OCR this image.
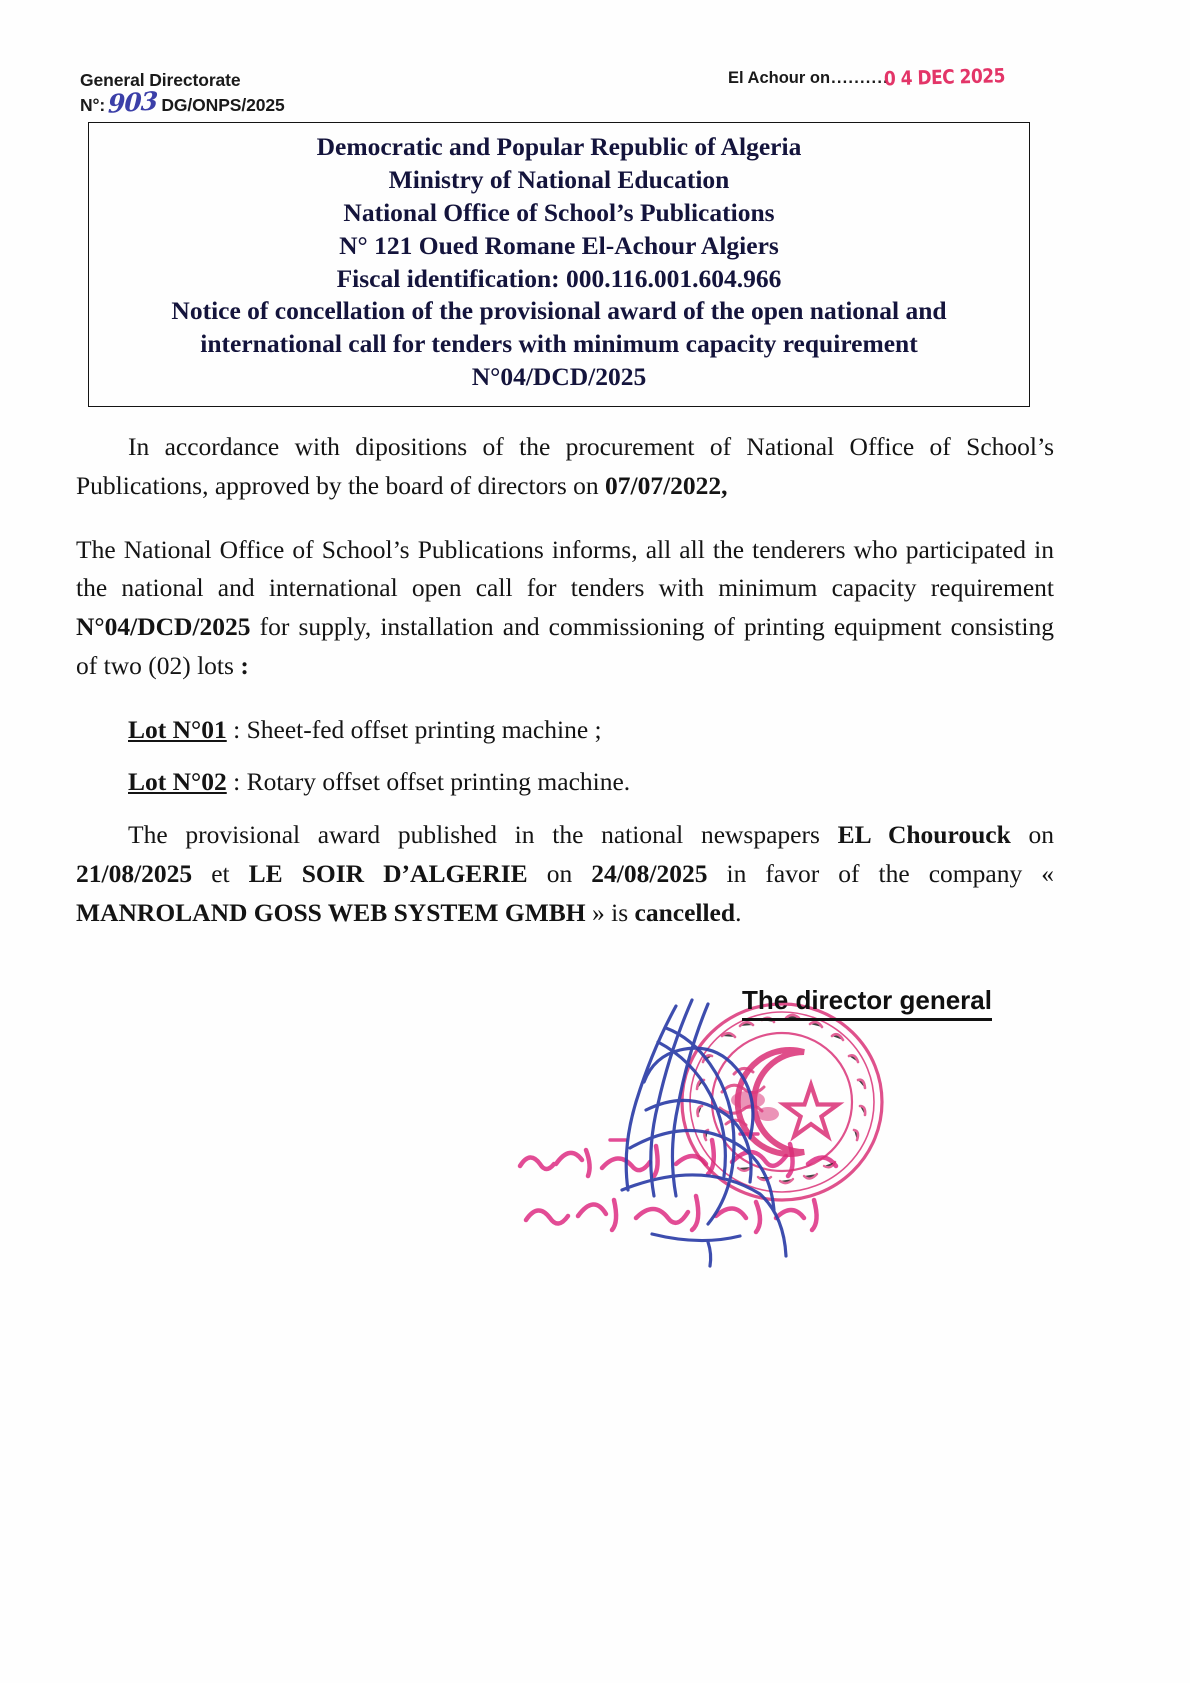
General Directorate
N°: 903 DG/ONPS/2025
El Achour on ..........
0 4 DEC 2025
Democratic and Popular Republic of Algeria
Ministry of National Education
National Office of School’s Publications
N° 121 Oued Romane El-Achour Algiers
Fiscal identification: 000.116.001.604.966
Notice of concellation of the provisional award of the open national and
international call for tenders with minimum capacity requirement
N°04/DCD/2025

In accordance with dipositions of the procurement of National Office of School’s Publications, approved by the board of directors on 07/07/2022,

The National Office of School’s Publications informs, all all the tenderers who participated in the national and international open call for tenders with minimum capacity requirement N°04/DCD/2025 for supply, installation and commissioning of printing equipment consisting of two (02) lots :

Lot N°01 : Sheet-fed offset printing machine ;

Lot N°02 : Rotary offset offset printing machine.

The provisional award published in the national newspapers EL Chourouck on 21/08/2025 et LE SOIR D’ALGERIE on 24/08/2025 in favor of the company « MANROLAND GOSS WEB SYSTEM GMBH » is cancelled.

The director general
